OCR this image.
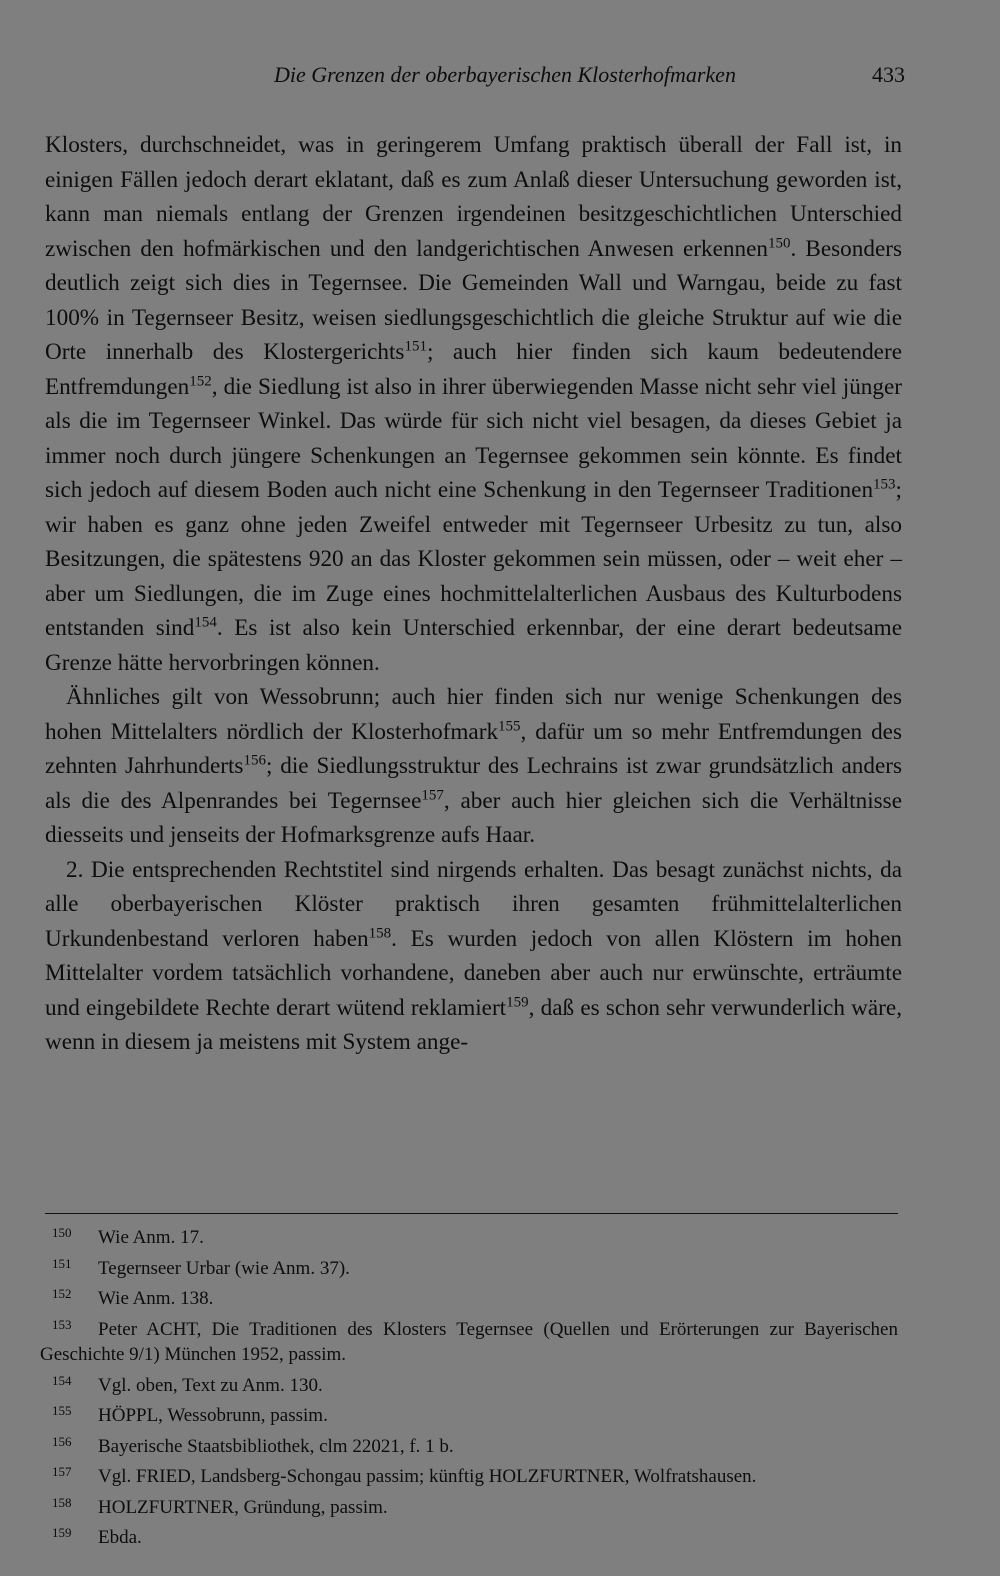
Die Grenzen der oberbayerischen Klosterhofmarken	433

Klosters, durchschneidet, was in geringerem Umfang praktisch überall der Fall ist, in einigen Fällen jedoch derart eklatant, daß es zum Anlaß dieser Untersuchung geworden ist, kann man niemals entlang der Grenzen irgendeinen besitzgeschichtlichen Unterschied zwischen den hofmärkischen und den landgerichtischen Anwesen erkennen$^{150}$. Besonders deutlich zeigt sich dies in Tegernsee. Die Gemeinden Wall und Warngau, beide zu fast 100% in Tegernseer Besitz, weisen siedlungsgeschichtlich die gleiche Struktur auf wie die Orte innerhalb des Klostergerichts$^{151}$; auch hier finden sich kaum bedeutendere Entfremdungen$^{152}$, die Siedlung ist also in ihrer überwiegenden Masse nicht sehr viel jünger als die im Tegernseer Winkel. Das würde für sich nicht viel besagen, da dieses Gebiet ja immer noch durch jüngere Schenkungen an Tegernsee gekommen sein könnte. Es findet sich jedoch auf diesem Boden auch nicht eine Schenkung in den Tegernseer Traditionen$^{153}$; wir haben es ganz ohne jeden Zweifel entweder mit Tegernseer Urbesitz zu tun, also Besitzungen, die spätestens 920 an das Kloster gekommen sein müssen, oder – weit eher – aber um Siedlungen, die im Zuge eines hochmittelalterlichen Ausbaus des Kulturbodens entstanden sind$^{154}$. Es ist also kein Unterschied erkennbar, der eine derart bedeutsame Grenze hätte hervorbringen können.

Ähnliches gilt von Wessobrunn; auch hier finden sich nur wenige Schenkungen des hohen Mittelalters nördlich der Klosterhofmark$^{155}$, dafür um so mehr Entfremdungen des zehnten Jahrhunderts$^{156}$; die Siedlungsstruktur des Lechrains ist zwar grundsätzlich anders als die des Alpenrandes bei Tegernsee$^{157}$, aber auch hier gleichen sich die Verhältnisse diesseits und jenseits der Hofmarksgrenze aufs Haar.

2. Die entsprechenden Rechtstitel sind nirgends erhalten. Das besagt zunächst nichts, da alle oberbayerischen Klöster praktisch ihren gesamten frühmittelalterlichen Urkundenbestand verloren haben$^{158}$. Es wurden jedoch von allen Klöstern im hohen Mittelalter vordem tatsächlich vorhandene, daneben aber auch nur erwünschte, erträumte und eingebildete Rechte derart wütend reklamiert$^{159}$, daß es schon sehr verwunderlich wäre, wenn in diesem ja meistens mit System ange-

150 Wie Anm. 17.

151 Tegernseer Urbar (wie Anm. 37).

152 Wie Anm. 138.

153 Peter ACHT, Die Traditionen des Klosters Tegernsee (Quellen und Erörterungen zur Bayerischen Geschichte 9/1) München 1952, passim.

154 Vgl. oben, Text zu Anm. 130.

155 HÖPPL, Wessobrunn, passim.

156 Bayerische Staatsbibliothek, clm 22021, f. 1 b.

157 Vgl. FRIED, Landsberg-Schongau passim; künftig HOLZFURTNER, Wolfratshausen.

158 HOLZFURTNER, Gründung, passim.

159 Ebda.
